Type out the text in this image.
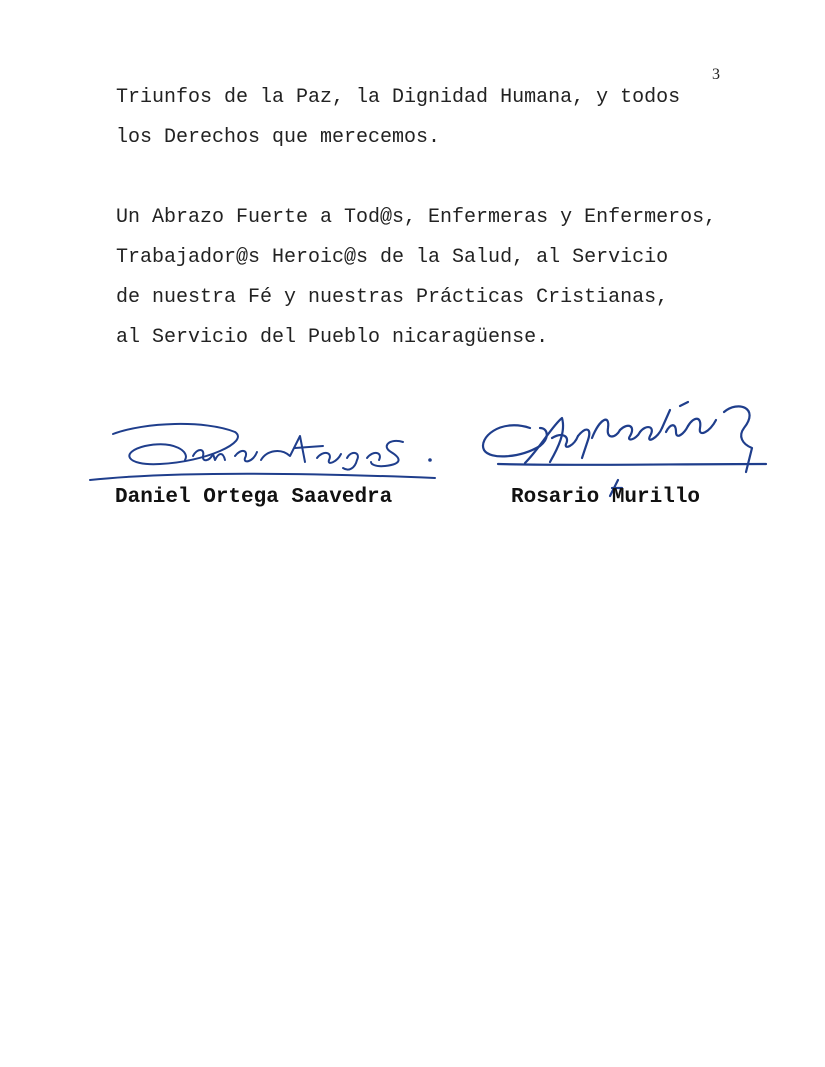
3
Triunfos de la Paz, la Dignidad Humana, y todos
los Derechos que merecemos.
Un Abrazo Fuerte a Tod@s, Enfermeras y Enfermeros,
Trabajador@s Heroic@s de la Salud, al Servicio
de nuestra Fé y nuestras Prácticas Cristianas,
al Servicio del Pueblo nicaragüense.
Daniel Ortega Saavedra	Rosario Murillo
